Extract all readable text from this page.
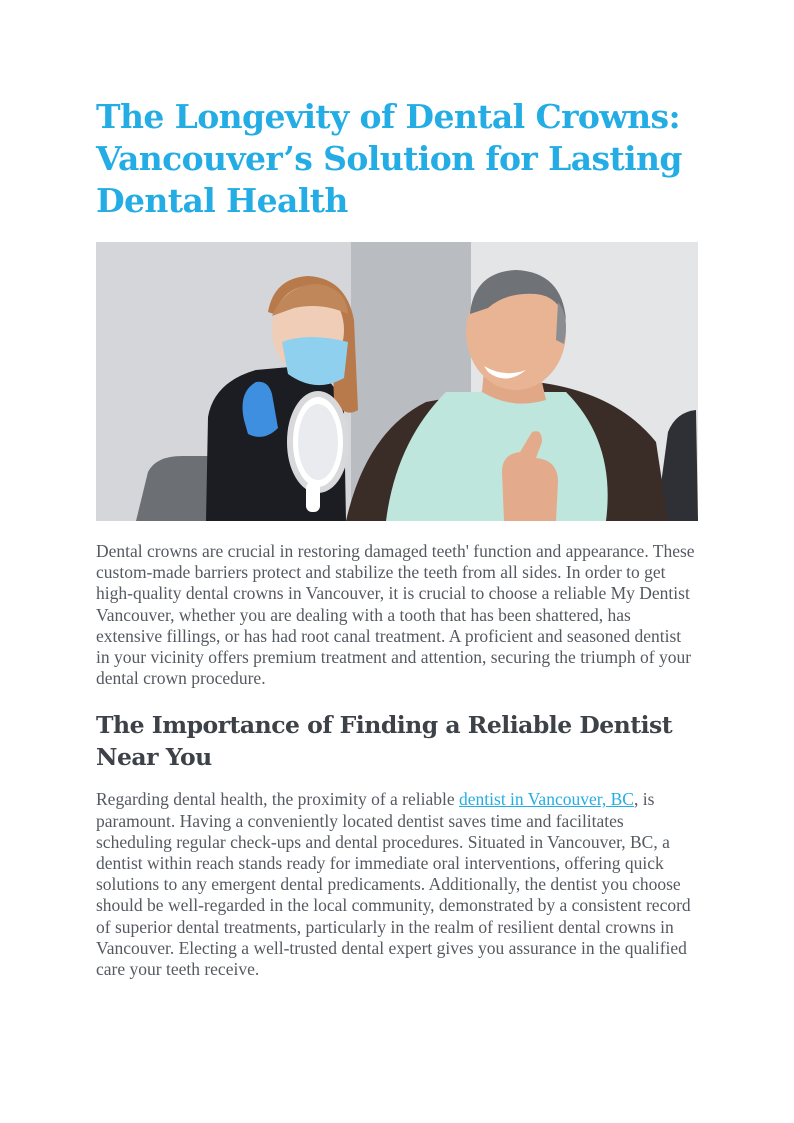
The Longevity of Dental Crowns: Vancouver’s Solution for Lasting Dental Health

Dental crowns are crucial in restoring damaged teeth' function and appearance. These custom-made barriers protect and stabilize the teeth from all sides. In order to get high-quality dental crowns in Vancouver, it is crucial to choose a reliable My Dentist Vancouver, whether you are dealing with a tooth that has been shattered, has extensive fillings, or has had root canal treatment. A proficient and seasoned dentist in your vicinity offers premium treatment and attention, securing the triumph of your dental crown procedure.

The Importance of Finding a Reliable Dentist Near You

Regarding dental health, the proximity of a reliable dentist in Vancouver, BC, is paramount. Having a conveniently located dentist saves time and facilitates scheduling regular check-ups and dental procedures. Situated in Vancouver, BC, a dentist within reach stands ready for immediate oral interventions, offering quick solutions to any emergent dental predicaments. Additionally, the dentist you choose should be well-regarded in the local community, demonstrated by a consistent record of superior dental treatments, particularly in the realm of resilient dental crowns in Vancouver. Electing a well-trusted dental expert gives you assurance in the qualified care your teeth receive.
